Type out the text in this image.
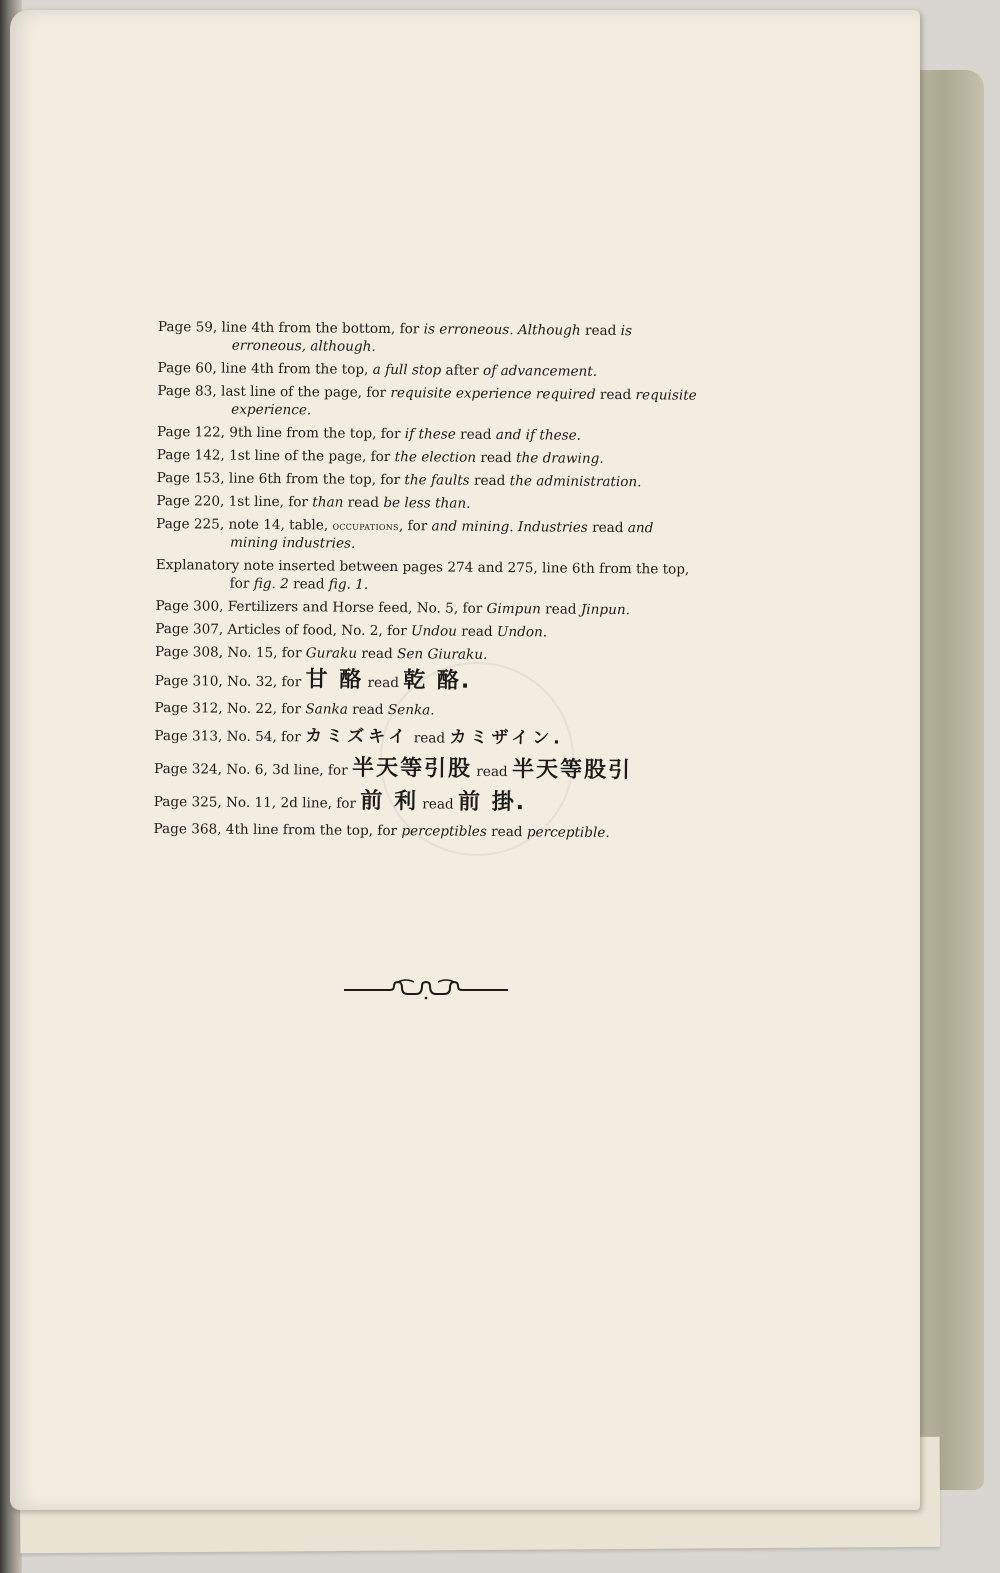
Page 59, line 4th from the bottom, for is erroneous. Although read is erroneous, although.
Page 60, line 4th from the top, a full stop after of advancement.
Page 83, last line of the page, for requisite experience required read requisite experience.
Page 122, 9th line from the top, for if these read and if these.
Page 142, 1st line of the page, for the election read the drawing.
Page 153, line 6th from the top, for the faults read the administration.
Page 220, 1st line, for than read be less than.
Page 225, note 14, table, occupations, for and mining. Industries read and mining industries.
Explanatory note inserted between pages 274 and 275, line 6th from the top, for fig. 2 read fig. 1.
Page 300, Fertilizers and Horse feed, No. 5, for Gimpun read Jinpun.
Page 307, Articles of food, No. 2, for Undou read Undon.
Page 308, No. 15, for Guraku read Sen Giuraku.
Page 310, No. 32, for 甘 酪 read 乾 酪.
Page 312, No. 22, for Sanka read Senka.
Page 313, No. 54, for カミズキイ read カミザイン.
Page 324, No. 6, 3d line, for 半天等引股 read 半天等股引
Page 325, No. 11, 2d line, for 前 利 read 前 掛.
Page 368, 4th line from the top, for perceptibles read perceptible.
